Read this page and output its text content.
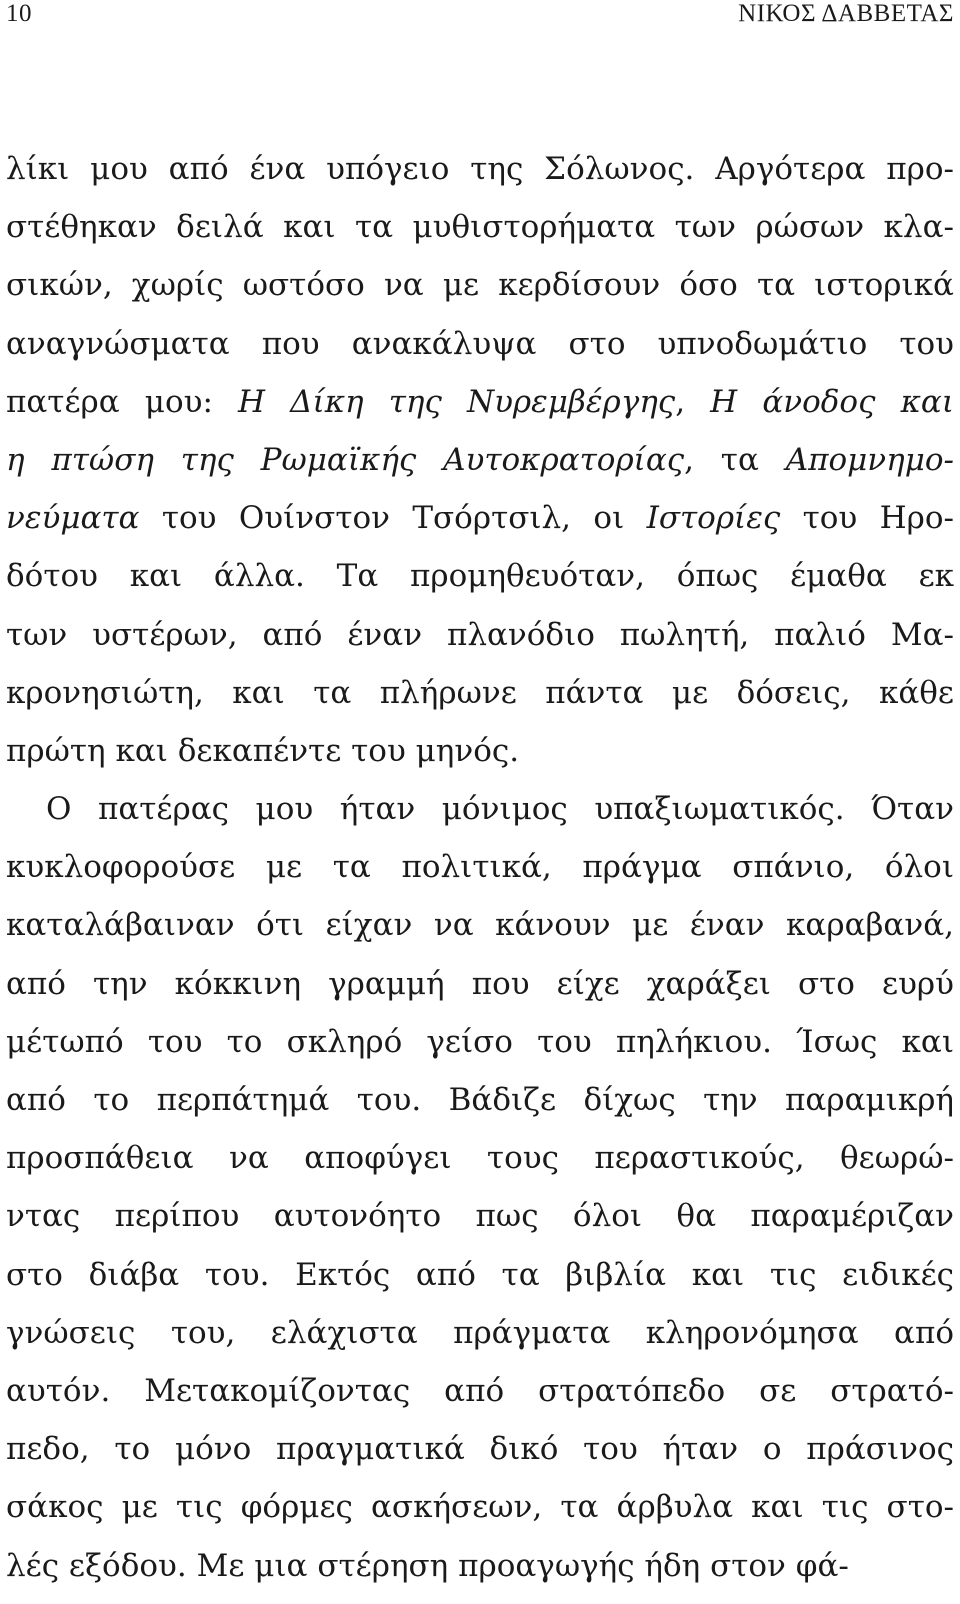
10	ΝΙΚΟΣ ΔΑΒΒΕΤΑΣ
λίκι μου από ένα υπόγειο της Σόλωνος. Αργότερα προ-
στέθηκαν δειλά και τα μυθιστορήματα των ρώσων κλα-
σικών, χωρίς ωστόσο να με κερδίσουν όσο τα ιστορικά
αναγνώσματα που ανακάλυψα στο υπνοδωμάτιο του
πατέρα μου: Η Δίκη της Νυρεμβέργης, Η άνοδος και
η πτώση της Ρωμαϊκής Αυτοκρατορίας, τα Απομνημο-
νεύματα του Ουίνστον Τσόρτσιλ, οι Ιστορίες του Ηρο-
δότου και άλλα. Τα προμηθευόταν, όπως έμαθα εκ
των υστέρων, από έναν πλανόδιο πωλητή, παλιό Μα-
κρονησιώτη, και τα πλήρωνε πάντα με δόσεις, κάθε
πρώτη και δεκαπέντε του μηνός.
Ο πατέρας μου ήταν μόνιμος υπαξιωματικός. Όταν
κυκλοφορούσε με τα πολιτικά, πράγμα σπάνιο, όλοι
καταλάβαιναν ότι είχαν να κάνουν με έναν καραβανά,
από την κόκκινη γραμμή που είχε χαράξει στο ευρύ
μέτωπό του το σκληρό γείσο του πηλήκιου. Ίσως και
από το περπάτημά του. Βάδιζε δίχως την παραμικρή
προσπάθεια να αποφύγει τους περαστικούς, θεωρώ-
ντας περίπου αυτονόητο πως όλοι θα παραμέριζαν
στο διάβα του. Εκτός από τα βιβλία και τις ειδικές
γνώσεις του, ελάχιστα πράγματα κληρονόμησα από
αυτόν. Μετακομίζοντας από στρατόπεδο σε στρατό-
πεδο, το μόνο πραγματικά δικό του ήταν ο πράσινος
σάκος με τις φόρμες ασκήσεων, τα άρβυλα και τις στο-
λές εξόδου. Με μια στέρηση προαγωγής ήδη στον φά-
